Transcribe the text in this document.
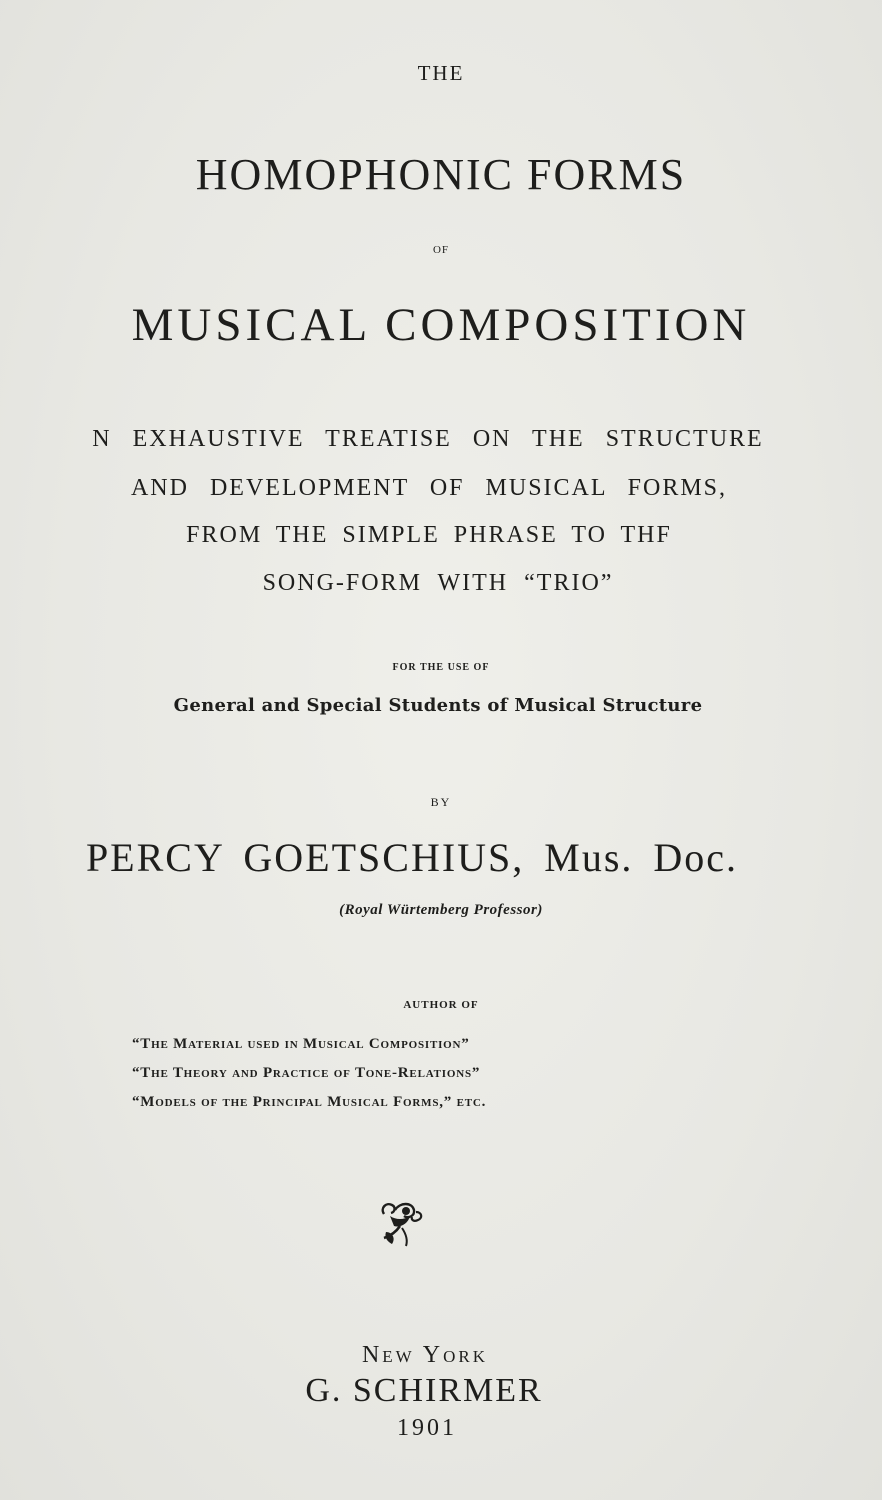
THE
HOMOPHONIC FORMS
OF
MUSICAL COMPOSITION
N EXHAUSTIVE TREATISE ON THE STRUCTURE
AND DEVELOPMENT OF MUSICAL FORMS,
FROM THE SIMPLE PHRASE TO THF
SONG-FORM WITH “TRIO”
FOR THE USE OF
General and Special Students of Musical Structure
BY
PERCY GOETSCHIUS, Mus. Doc.
(Royal Würtemberg Professor)
AUTHOR OF
“The Material used in Musical Composition”
“The Theory and Practice of Tone-Relations”
“Models of the Principal Musical Forms,” etc.
New York
G. SCHIRMER
1901
